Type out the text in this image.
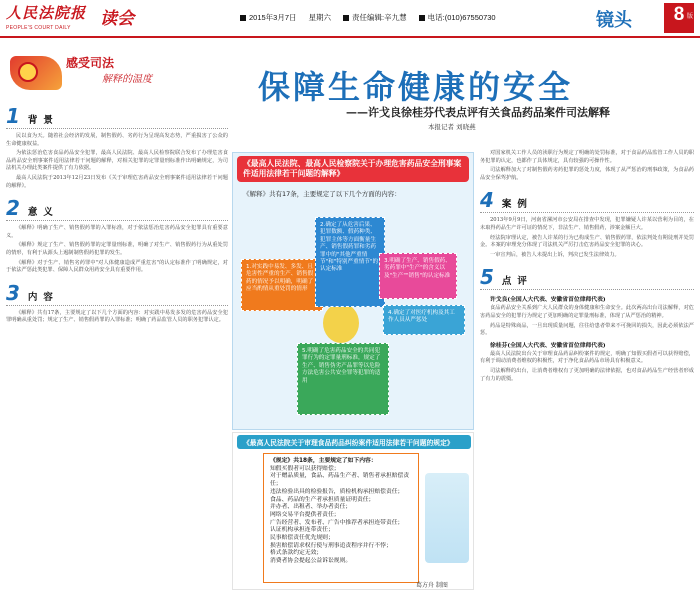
人民法院报
PEOPLE'S COURT DAILY	读会	2015年3月7日 星期六	责任编辑:辛九慧	电话:(010)67550730	镜头	8 版
感受司法
解释的温度
1 背景

民以食为天。随着社会经济的发展，制售假药、劣药行为呈现高发态势，严重损害了公众的生命健康权益。

为依法惩治危害食品药品安全犯罪，最高人民法院、最高人民检察院联合发布了办理危害食品药品安全刑事案件适用法律若干问题的解释，对相关犯罪的定罪量刑标准作出明确规定，为司法机关办理此类案件提供了有力依据。

最高人民法院于2013年12月23日发布《关于审理危害药品安全刑事案件适用法律若干问题的解释》。

2 意义

《解释》明确了生产、销售假药罪的入罪标准，对于依法惩治危害药品安全犯罪具有重要意义。

《解释》规定了生产、销售假药罪的定罪量刑标准，明确了对生产、销售假药行为从重处罚的情形，有利于从源头上遏制制售假药犯罪的发生。

《解释》对于生产、销售劣药罪中"对人体健康造成严重危害"的认定标准作了明确规定，对于依法严惩此类犯罪、保障人民群众用药安全具有重要作用。

3 内容

《解释》共有17条，主要规定了以下几个方面的内容：对实践中易发多发的危害药品安全犯罪明确从重处罚；规定了生产、销售假药罪的入罪标准；明确了药品监管人员的职务犯罪认定。

保障生命健康的安全
——许戈良徐桂芬代表点评有关食品药品案件司法解释
本报记者 刘晓燕
《最高人民法院、最高人民检察院关于办理危害药品安全刑事案件适用法律若干问题的解释》
《解释》共有17条，主要规定了以下几个方面的内容：
1.对实践中易发、多发、且危害性严重的生产、销售假药的情况予以明确，明确了应当酌情从重处罚的情形
2.确定了从危害后果、犯罪数额、假药种类、犯罪主体等方面衡量生产、销售假药罪和劣药罪中的"其他严重情节"和"特别严重情节"的认定标准
3.明确了生产、销售假药、劣药罪中"生产"的含义以及"生产""销售"的认定标准
4.确定了对医疗机构及其工作人员从严惩处
5.明确了危害药品安全的共同犯罪行为的定罪量刑标准，规定了生产、销售伪劣产品罪等以危险方法危害公共安全罪等犯罪的适用
《最高人民法院关于审理食品药品纠纷案件适用法律若干问题的规定》
《规定》共18条，主要规定了如下内容：
知假买假者可以获得赔偿；
对于赠品质量，食品、药品生产者、销售者承担赔偿责任；
违法检验出具的检验报告，质检机构承担赔偿责任；
食品、药品的生产者承担质量证明责任；
并办者、出租者、举办者责任；
网络交易平台提供者责任；
广告经营者、发布者、广告中推荐者承担连带责任；
认证机构承担连带责任；
民事赔偿责任优先规则；
损害赔偿请求权行使与刑事追责程序并行不悖；
格式条款约定无效；
消费者协会提起公益诉讼规则。

对国家机关工作人员的渎职行为规定了明确的处罚标准，对于食品药品监管工作人员的职务犯罪的认定，也都作了具体规定，具有较强的可操作性。

司法解释加大了对制售假药劣药犯罪的惩处力度，体现了从严惩治的刑事政策，为食品药品安全保驾护航。

4 案例

2013年9月9日，河南省漯河市公安局在排查中发现，犯罪嫌疑人许某以营利为目的，在未取得药品生产许可证的情况下，非法生产、销售假药，涉案金额巨大。

经法院审理认定，被告人许某的行为已构成生产、销售假药罪，依法判处有期徒刑并处罚金。本案的审理充分体现了司法机关严厉打击危害药品安全犯罪的决心。

一审宣判后，被告人未提出上诉，判决已发生法律效力。

5 点评
许戈良(全国人大代表、安徽省首位律师代表)

食品药品安全关系到广大人民群众的身体健康和生命安全。此次两高出台司法解释，对危害药品安全的犯罪行为规定了更加明确的定罪量刑标准，体现了从严惩治的精神。

药品是特殊商品，一旦出现质量问题，往往给患者带来不可挽回的损失，因此必须依法严惩。

徐桂芬(全国人大代表、安徽省首位律师代表)

最高人民法院出台关于审理食品药品纠纷案件的规定，明确了知假买假者可以获得赔偿，有利于调动消费者维权的积极性，对于净化食品药品市场具有积极意义。

司法解释的出台，让消费者维权有了更加明确的法律依据，也对食品药品生产经营者形成了有力的震慑。

葛方舟 制图
